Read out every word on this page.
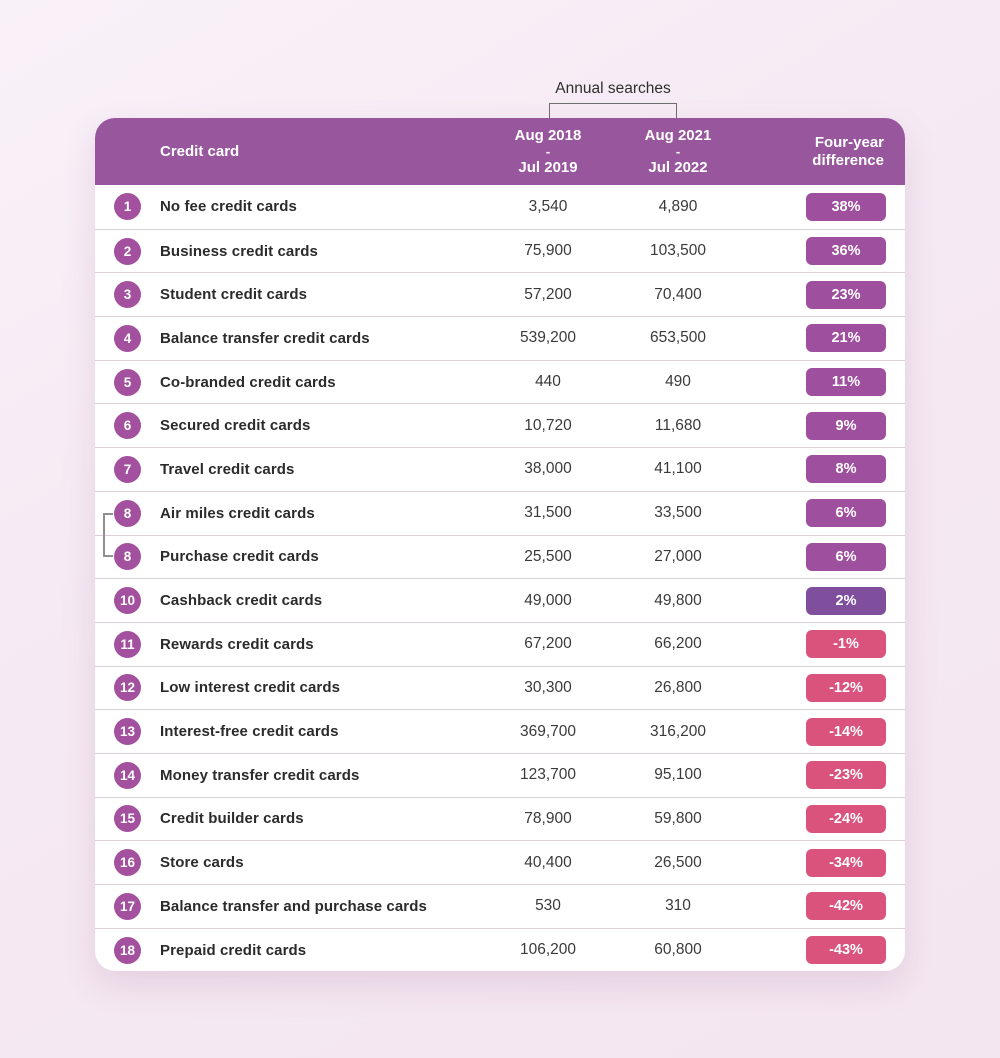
Annual searches
Credit card
Aug 2018
-
Jul 2019
Aug 2021
-
Jul 2022
Four-year
difference
1	No fee credit cards	3,540	4,890	38%
2	Business credit cards	75,900	103,500	36%
3	Student credit cards	57,200	70,400	23%
4	Balance transfer credit cards	539,200	653,500	21%
5	Co-branded credit cards	440	490	11%
6	Secured credit cards	10,720	11,680	9%
7	Travel credit cards	38,000	41,100	8%
8	Air miles credit cards	31,500	33,500	6%
8	Purchase credit cards	25,500	27,000	6%
10	Cashback credit cards	49,000	49,800	2%
11	Rewards credit cards	67,200	66,200	-1%
12	Low interest credit cards	30,300	26,800	-12%
13	Interest-free credit cards	369,700	316,200	-14%
14	Money transfer credit cards	123,700	95,100	-23%
15	Credit builder cards	78,900	59,800	-24%
16	Store cards	40,400	26,500	-34%
17	Balance transfer and purchase cards	530	310	-42%
18	Prepaid credit cards	106,200	60,800	-43%
